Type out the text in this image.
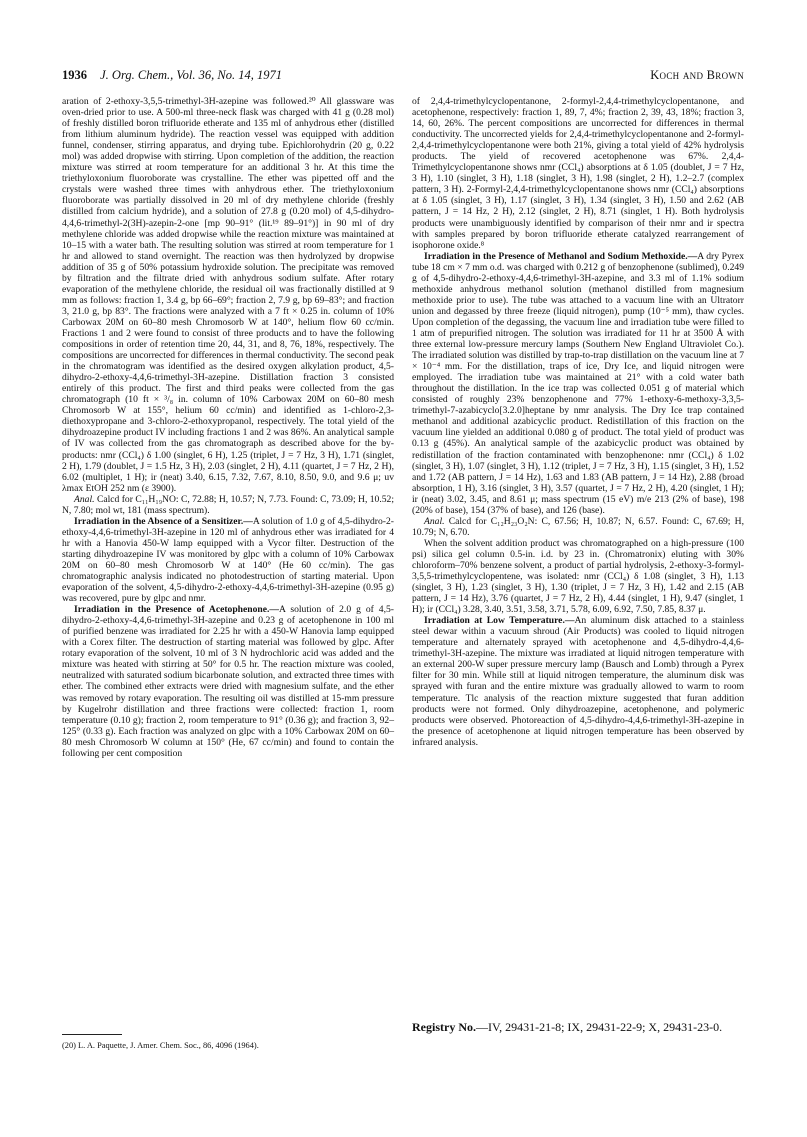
1936 J. Org. Chem., Vol. 36, No. 14, 1971	Koch and Brown

aration of 2-ethoxy-3,5,5-trimethyl-3H-azepine was followed.²⁰ All glassware was oven-dried prior to use. A 500-ml three-neck flask was charged with 41 g (0.28 mol) of freshly distilled boron trifluoride etherate and 135 ml of anhydrous ether (distilled from lithium aluminum hydride). The reaction vessel was equipped with addition funnel, condenser, stirring apparatus, and drying tube. Epichlorohydrin (20 g, 0.22 mol) was added dropwise with stirring. Upon completion of the addition, the reaction mixture was stirred at room temperature for an additional 3 hr. At this time the triethyloxonium fluoroborate was crystalline. The ether was pipetted off and the crystals were washed three times with anhydrous ether. The triethyloxonium fluoroborate was partially dissolved in 20 ml of dry methylene chloride (freshly distilled from calcium hydride), and a solution of 27.8 g (0.20 mol) of 4,5-dihydro-4,4,6-trimethyl-2(3H)-azepin-2-one [mp 90–91° (lit.¹⁹ 89–91°)] in 90 ml of dry methylene chloride was added dropwise while the reaction mixture was maintained at 10–15 with a water bath. The resulting solution was stirred at room temperature for 1 hr and allowed to stand overnight. The reaction was then hydrolyzed by dropwise addition of 35 g of 50% potassium hydroxide solution. The precipitate was removed by filtration and the filtrate dried with anhydrous sodium sulfate. After rotary evaporation of the methylene chloride, the residual oil was fractionally distilled at 9 mm as follows: fraction 1, 3.4 g, bp 66–69°; fraction 2, 7.9 g, bp 69–83°; and fraction 3, 21.0 g, bp 83°. The fractions were analyzed with a 7 ft × 0.25 in. column of 10% Carbowax 20M on 60–80 mesh Chromosorb W at 140°, helium flow 60 cc/min. Fractions 1 and 2 were found to consist of three products and to have the following compositions in order of retention time 20, 44, 31, and 8, 76, 18%, respectively. The compositions are uncorrected for differences in thermal conductivity. The second peak in the chromatogram was identified as the desired oxygen alkylation product, 4,5-dihydro-2-ethoxy-4,4,6-trimethyl-3H-azepine. Distillation fraction 3 consisted entirely of this product. The first and third peaks were collected from the gas chromatograph (10 ft × ³/₈ in. column of 10% Carbowax 20M on 60–80 mesh Chromosorb W at 155°, helium 60 cc/min) and identified as 1-chloro-2,3-diethoxypropane and 3-chloro-2-ethoxypropanol, respectively. The total yield of the dihydroazepine product IV including fractions 1 and 2 was 86%. An analytical sample of IV was collected from the gas chromatograph as described above for the by-products: nmr (CCl₄) δ 1.00 (singlet, 6 H), 1.25 (triplet, J = 7 Hz, 3 H), 1.71 (singlet, 2 H), 1.79 (doublet, J = 1.5 Hz, 3 H), 2.03 (singlet, 2 H), 4.11 (quartet, J = 7 Hz, 2 H), 6.02 (multiplet, 1 H); ir (neat) 3.40, 6.15, 7.32, 7.67, 8.10, 8.50, 9.0, and 9.6 μ; uv λmax EtOH 252 nm (ε 3900).

Anal. Calcd for C₁₁H₁₉NO: C, 72.88; H, 10.57; N, 7.73. Found: C, 73.09; H, 10.52; N, 7.80; mol wt, 181 (mass spectrum).

Irradiation in the Absence of a Sensitizer.—A solution of 1.0 g of 4,5-dihydro-2-ethoxy-4,4,6-trimethyl-3H-azepine in 120 ml of anhydrous ether was irradiated for 4 hr with a Hanovia 450-W lamp equipped with a Vycor filter. Destruction of the starting dihydroazepine IV was monitored by glpc with a column of 10% Carbowax 20M on 60–80 mesh Chromosorb W at 140° (He 60 cc/min). The gas chromatographic analysis indicated no photodestruction of starting material. Upon evaporation of the solvent, 4,5-dihydro-2-ethoxy-4,4,6-trimethyl-3H-azepine (0.95 g) was recovered, pure by glpc and nmr.

Irradiation in the Presence of Acetophenone.—A solution of 2.0 g of 4,5-dihydro-2-ethoxy-4,4,6-trimethyl-3H-azepine and 0.23 g of acetophenone in 100 ml of purified benzene was irradiated for 2.25 hr with a 450-W Hanovia lamp equipped with a Corex filter. The destruction of starting material was followed by glpc. After rotary evaporation of the solvent, 10 ml of 3 N hydrochloric acid was added and the mixture was heated with stirring at 50° for 0.5 hr. The reaction mixture was cooled, neutralized with saturated sodium bicarbonate solution, and extracted three times with ether. The combined ether extracts were dried with magnesium sulfate, and the ether was removed by rotary evaporation. The resulting oil was distilled at 15-mm pressure by Kugelrohr distillation and three fractions were collected: fraction 1, room temperature (0.10 g); fraction 2, room temperature to 91° (0.36 g); and fraction 3, 92–125° (0.33 g). Each fraction was analyzed on glpc with a 10% Carbowax 20M on 60–80 mesh Chromosorb W column at 150° (He, 67 cc/min) and found to contain the following per cent composition

of 2,4,4-trimethylcyclopentanone, 2-formyl-2,4,4-trimethylcyclopentanone, and acetophenone, respectively: fraction 1, 89, 7, 4%; fraction 2, 39, 43, 18%; fraction 3, 14, 60, 26%. The percent compositions are uncorrected for differences in thermal conductivity. The uncorrected yields for 2,4,4-trimethylcyclopentanone and 2-formyl-2,4,4-trimethylcyclopentanone were both 21%, giving a total yield of 42% hydrolysis products. The yield of recovered acetophenone was 67%. 2,4,4-Trimethylcyclopentanone shows nmr (CCl₄) absorptions at δ 1.05 (doublet, J = 7 Hz, 3 H), 1.10 (singlet, 3 H), 1.18 (singlet, 3 H), 1.98 (singlet, 2 H), 1.2–2.7 (complex pattern, 3 H). 2-Formyl-2,4,4-trimethylcyclopentanone shows nmr (CCl₄) absorptions at δ 1.05 (singlet, 3 H), 1.17 (singlet, 3 H), 1.34 (singlet, 3 H), 1.50 and 2.62 (AB pattern, J = 14 Hz, 2 H), 2.12 (singlet, 2 H), 8.71 (singlet, 1 H). Both hydrolysis products were unambiguously identified by comparison of their nmr and ir spectra with samples prepared by boron trifluoride etherate catalyzed rearrangement of isophorone oxide.⁸

Irradiation in the Presence of Methanol and Sodium Methoxide.—A dry Pyrex tube 18 cm × 7 mm o.d. was charged with 0.212 g of benzophenone (sublimed), 0.249 g of 4,5-dihydro-2-ethoxy-4,4,6-trimethyl-3H-azepine, and 3.3 ml of 1.1% sodium methoxide anhydrous methanol solution (methanol distilled from magnesium methoxide prior to use). The tube was attached to a vacuum line with an Ultratorr union and degassed by three freeze (liquid nitrogen), pump (10⁻⁵ mm), thaw cycles. Upon completion of the degassing, the vacuum line and irradiation tube were filled to 1 atm of prepurified nitrogen. The solution was irradiated for 11 hr at 3500 Å with three external low-pressure mercury lamps (Southern New England Ultraviolet Co.). The irradiated solution was distilled by trap-to-trap distillation on the vacuum line at 7 × 10⁻⁴ mm. For the distillation, traps of ice, Dry Ice, and liquid nitrogen were employed. The irradiation tube was maintained at 21° with a cold water bath throughout the distillation. In the ice trap was collected 0.051 g of material which consisted of roughly 23% benzophenone and 77% 1-ethoxy-6-methoxy-3,3,5-trimethyl-7-azabicyclo[3.2.0]heptane by nmr analysis. The Dry Ice trap contained methanol and additional azabicyclic product. Redistillation of this fraction on the vacuum line yielded an additional 0.080 g of product. The total yield of product was 0.13 g (45%). An analytical sample of the azabicyclic product was obtained by redistillation of the fraction contaminated with benzophenone: nmr (CCl₄) δ 1.02 (singlet, 3 H), 1.07 (singlet, 3 H), 1.12 (triplet, J = 7 Hz, 3 H), 1.15 (singlet, 3 H), 1.52 and 1.72 (AB pattern, J = 14 Hz), 1.63 and 1.83 (AB pattern, J = 14 Hz), 2.88 (broad absorption, 1 H), 3.16 (singlet, 3 H), 3.57 (quartet, J = 7 Hz, 2 H), 4.20 (singlet, 1 H); ir (neat) 3.02, 3.45, and 8.61 μ; mass spectrum (15 eV) m/e 213 (2% of base), 198 (20% of base), 154 (37% of base), and 126 (base).

Anal. Calcd for C₁₂H₂₃O₂N: C, 67.56; H, 10.87; N, 6.57. Found: C, 67.69; H, 10.79; N, 6.70.

When the solvent addition product was chromatographed on a high-pressure (100 psi) silica gel column 0.5-in. i.d. by 23 in. (Chromatronix) eluting with 30% chloroform–70% benzene solvent, a product of partial hydrolysis, 2-ethoxy-3-formyl-3,5,5-trimethylcyclopentene, was isolated: nmr (CCl₄) δ 1.08 (singlet, 3 H), 1.13 (singlet, 3 H), 1.23 (singlet, 3 H), 1.30 (triplet, J = 7 Hz, 3 H), 1.42 and 2.15 (AB pattern, J = 14 Hz), 3.76 (quartet, J = 7 Hz, 2 H), 4.44 (singlet, 1 H), 9.47 (singlet, 1 H); ir (CCl₄) 3.28, 3.40, 3.51, 3.58, 3.71, 5.78, 6.09, 6.92, 7.50, 7.85, 8.37 μ.

Irradiation at Low Temperature.—An aluminum disk attached to a stainless steel dewar within a vacuum shroud (Air Products) was cooled to liquid nitrogen temperature and alternately sprayed with acetophenone and 4,5-dihydro-4,4,6-trimethyl-3H-azepine. The mixture was irradiated at liquid nitrogen temperature with an external 200-W super pressure mercury lamp (Bausch and Lomb) through a Pyrex filter for 30 min. While still at liquid nitrogen temperature, the aluminum disk was sprayed with furan and the entire mixture was gradually allowed to warm to room temperature. Tlc analysis of the reaction mixture suggested that furan addition products were not formed. Only dihydroazepine, acetophenone, and polymeric products were observed. Photoreaction of 4,5-dihydro-4,4,6-trimethyl-3H-azepine in the presence of acetophenone at liquid nitrogen temperature has been observed by infrared analysis.

Registry No.—IV, 29431-21-8; IX, 29431-22-9; X, 29431-23-0.
(20) L. A. Paquette, J. Amer. Chem. Soc., 86, 4096 (1964).
